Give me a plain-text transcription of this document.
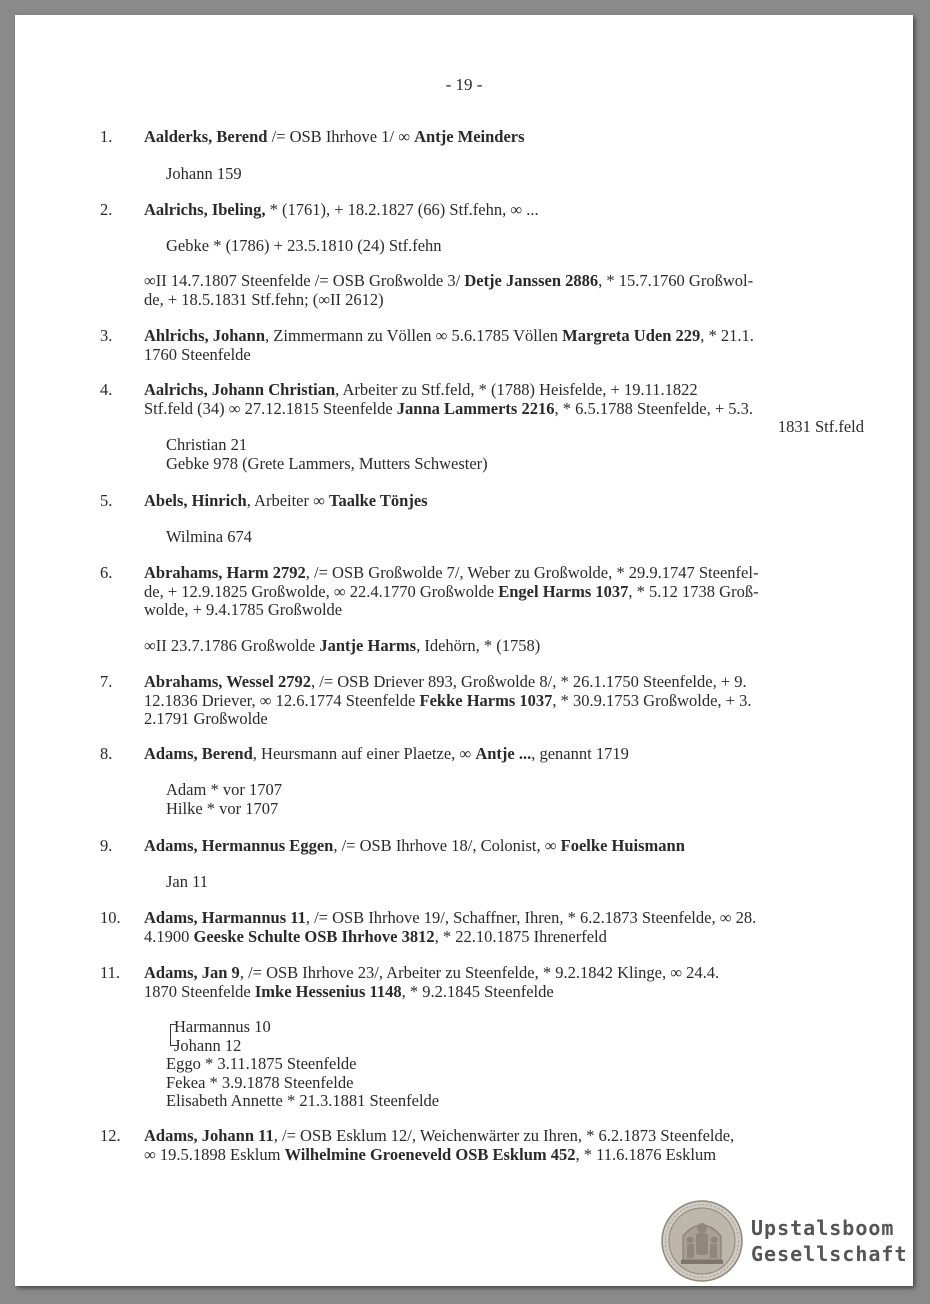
- 19 -
1.	Aalderks, Berend /= OSB Ihrhove 1/ ∞ Antje Meinders
Johann 159
2.	Aalrichs, Ibeling, * (1761), + 18.2.1827 (66) Stf.fehn, ∞ ...
Gebke * (1786) + 23.5.1810 (24) Stf.fehn
∞II 14.7.1807 Steenfelde /= OSB Großwolde 3/ Detje Janssen 2886, * 15.7.1760 Großwol-
de, + 18.5.1831 Stf.fehn; (∞II 2612)
3.	Ahlrichs, Johann, Zimmermann zu Völlen ∞ 5.6.1785 Völlen Margreta Uden 229, * 21.1.
1760 Steenfelde
4.	Aalrichs, Johann Christian, Arbeiter zu Stf.feld, * (1788) Heisfelde, + 19.11.1822
Stf.feld (34) ∞ 27.12.1815 Steenfelde Janna Lammerts 2216, * 6.5.1788 Steenfelde, + 5.3.
1831 Stf.feld
Christian 21
Gebke 978 (Grete Lammers, Mutters Schwester)
5.	Abels, Hinrich, Arbeiter ∞ Taalke Tönjes
Wilmina 674
6.	Abrahams, Harm 2792, /= OSB Großwolde 7/, Weber zu Großwolde, * 29.9.1747 Steenfel-
de, + 12.9.1825 Großwolde, ∞ 22.4.1770 Großwolde Engel Harms 1037, * 5.12 1738 Groß-
wolde, + 9.4.1785 Großwolde
∞II 23.7.1786 Großwolde Jantje Harms, Idehörn, * (1758)
7.	Abrahams, Wessel 2792, /= OSB Driever 893, Großwolde 8/, * 26.1.1750 Steenfelde, + 9.
12.1836 Driever, ∞ 12.6.1774 Steenfelde Fekke Harms 1037, * 30.9.1753 Großwolde, + 3.
2.1791 Großwolde
8.	Adams, Berend, Heursmann auf einer Plaetze, ∞ Antje ..., genannt 1719
Adam * vor 1707
Hilke * vor 1707
9.	Adams, Hermannus Eggen, /= OSB Ihrhove 18/, Colonist, ∞ Foelke Huismann
Jan 11
10.	Adams, Harmannus 11, /= OSB Ihrhove 19/, Schaffner, Ihren, * 6.2.1873 Steenfelde, ∞ 28.
4.1900 Geeske Schulte OSB Ihrhove 3812, * 22.10.1875 Ihrenerfeld
11.	Adams, Jan 9, /= OSB Ihrhove 23/, Arbeiter zu Steenfelde, * 9.2.1842 Klinge, ∞ 24.4.
1870 Steenfelde Imke Hessenius 1148, * 9.2.1845 Steenfelde
Harmannus 10
Johann 12
Eggo * 3.11.1875 Steenfelde
Fekea * 3.9.1878 Steenfelde
Elisabeth Annette * 21.3.1881 Steenfelde
12.	Adams, Johann 11, /= OSB Esklum 12/, Weichenwärter zu Ihren, * 6.2.1873 Steenfelde,
∞ 19.5.1898 Esklum Wilhelmine Groeneveld OSB Esklum 452, * 11.6.1876 Esklum
Upstalsboom
Gesellschaft
